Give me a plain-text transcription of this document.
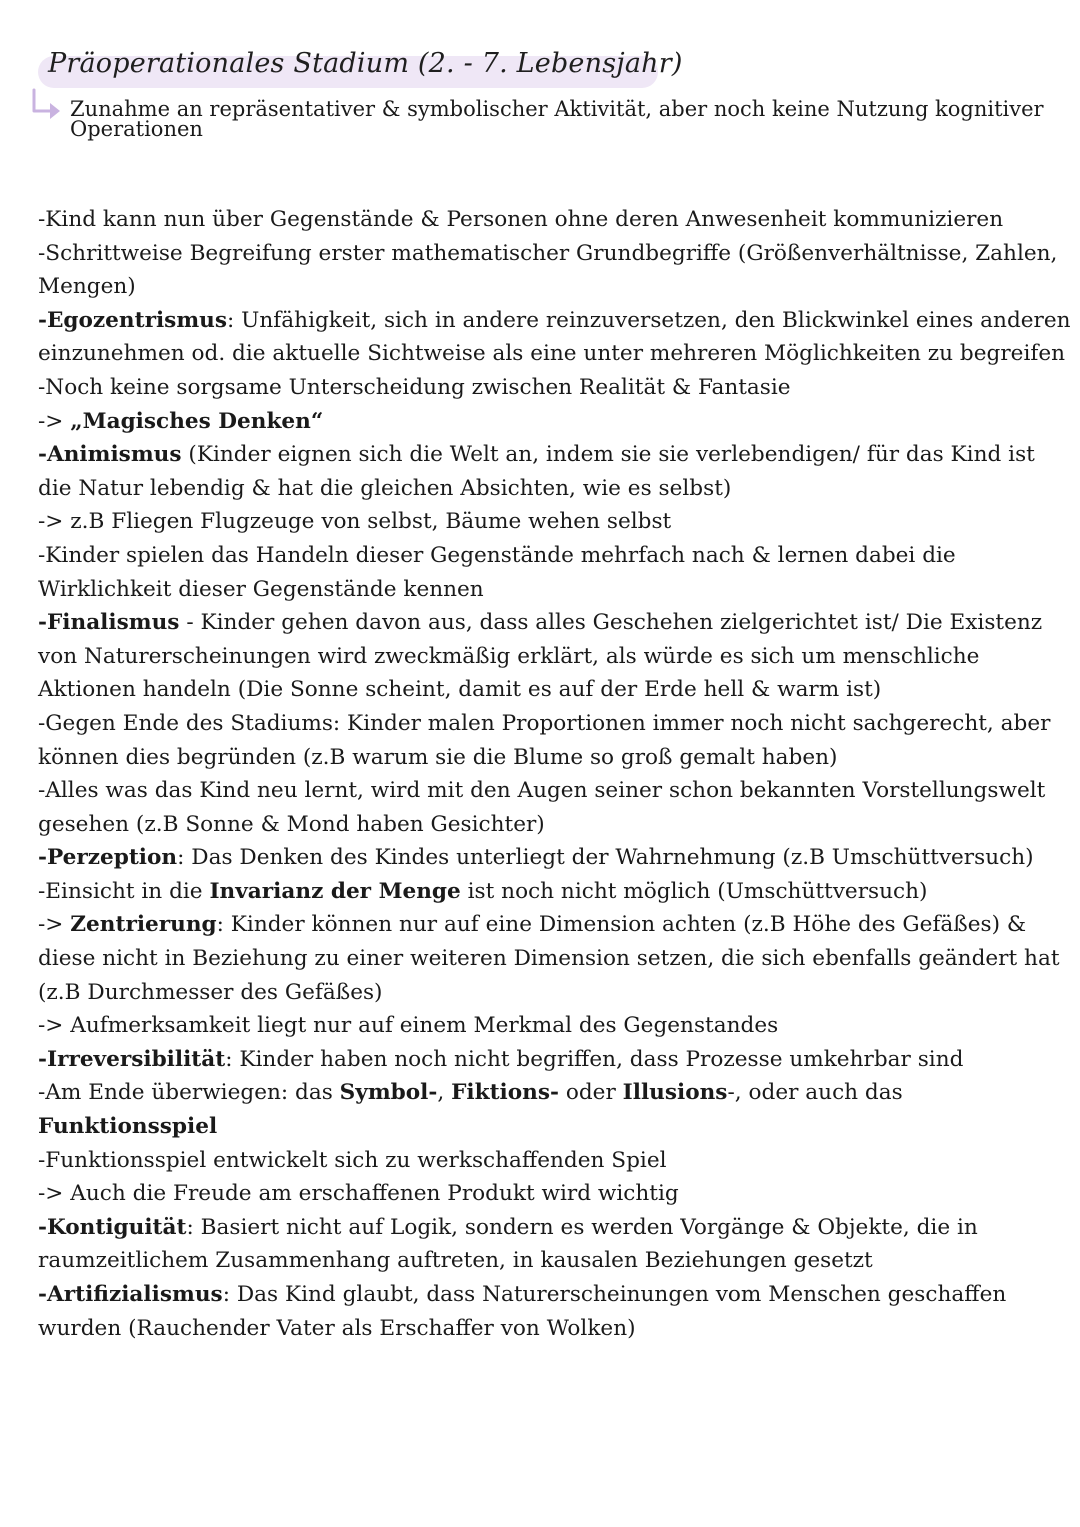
Präoperationales Stadium (2. - 7. Lebensjahr)
Zunahme an repräsentativer & symbolischer Aktivität, aber noch keine Nutzung kognitiver
Operationen
-Kind kann nun über Gegenstände & Personen ohne deren Anwesenheit kommunizieren
-Schrittweise Begreifung erster mathematischer Grundbegriffe (Größenverhältnisse, Zahlen,
Mengen)
-Egozentrismus: Unfähigkeit, sich in andere reinzuversetzen, den Blickwinkel eines anderen
einzunehmen od. die aktuelle Sichtweise als eine unter mehreren Möglichkeiten zu begreifen
-Noch keine sorgsame Unterscheidung zwischen Realität & Fantasie
-> „Magisches Denken“
-Animismus (Kinder eignen sich die Welt an, indem sie sie verlebendigen/ für das Kind ist
die Natur lebendig & hat die gleichen Absichten, wie es selbst)
-> z.B Fliegen Flugzeuge von selbst, Bäume wehen selbst
-Kinder spielen das Handeln dieser Gegenstände mehrfach nach & lernen dabei die
Wirklichkeit dieser Gegenstände kennen
-Finalismus - Kinder gehen davon aus, dass alles Geschehen zielgerichtet ist/ Die Existenz
von Naturerscheinungen wird zweckmäßig erklärt, als würde es sich um menschliche
Aktionen handeln (Die Sonne scheint, damit es auf der Erde hell & warm ist)
-Gegen Ende des Stadiums: Kinder malen Proportionen immer noch nicht sachgerecht, aber
können dies begründen (z.B warum sie die Blume so groß gemalt haben)
-Alles was das Kind neu lernt, wird mit den Augen seiner schon bekannten Vorstellungswelt
gesehen (z.B Sonne & Mond haben Gesichter)
-Perzeption: Das Denken des Kindes unterliegt der Wahrnehmung (z.B Umschüttversuch)
-Einsicht in die Invarianz der Menge ist noch nicht möglich (Umschüttversuch)
-> Zentrierung: Kinder können nur auf eine Dimension achten (z.B Höhe des Gefäßes) &
diese nicht in Beziehung zu einer weiteren Dimension setzen, die sich ebenfalls geändert hat
(z.B Durchmesser des Gefäßes)
-> Aufmerksamkeit liegt nur auf einem Merkmal des Gegenstandes
-Irreversibilität: Kinder haben noch nicht begriffen, dass Prozesse umkehrbar sind
-Am Ende überwiegen: das Symbol-, Fiktions- oder Illusions-, oder auch das
Funktionsspiel
-Funktionsspiel entwickelt sich zu werkschaffenden Spiel
-> Auch die Freude am erschaffenen Produkt wird wichtig
-Kontiguität: Basiert nicht auf Logik, sondern es werden Vorgänge & Objekte, die in
raumzeitlichem Zusammenhang auftreten, in kausalen Beziehungen gesetzt
-Artifizialismus: Das Kind glaubt, dass Naturerscheinungen vom Menschen geschaffen
wurden (Rauchender Vater als Erschaffer von Wolken)
